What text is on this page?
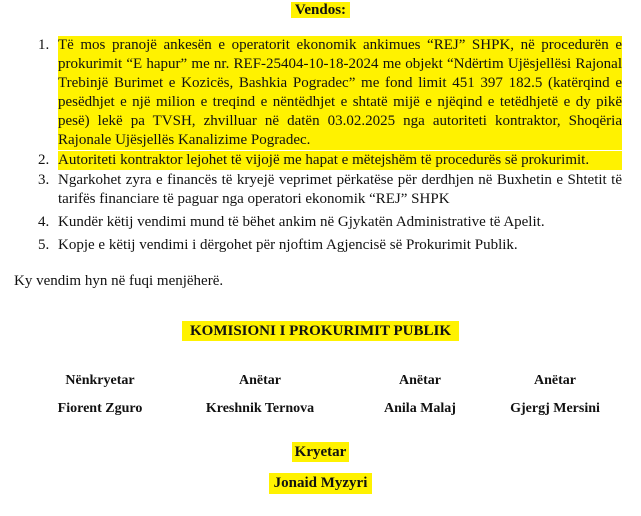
Vendos:
1. Të mos pranojë ankesën e operatorit ekonomik ankimues “REJ” SHPK, në procedurën e prokurimit “E hapur” me nr. REF-25404-10-18-2024 me objekt “Ndërtim Ujësjellësi Rajonal Trebinjë Burimet e Kozicës, Bashkia Pogradec” me fond limit 451 397 182.5 (katërqind e pesëdhjet e një milion e treqind e nëntëdhjet e shtatë mijë e njëqind e tetëdhjetë e dy pikë pesë) lekë pa TVSH, zhvilluar në datën 03.02.2025 nga autoriteti kontraktor, Shoqëria Rajonale Ujësjellës Kanalizime Pogradec.
2. Autoriteti kontraktor lejohet të vijojë me hapat e mëtejshëm të procedurës së prokurimit.
3. Ngarkohet zyra e financës të kryejë veprimet përkatëse për derdhjen në Buxhetin e Shtetit të tarifës financiare të paguar nga operatori ekonomik “REJ” SHPK
4. Kundër këtij vendimi mund të bëhet ankim në Gjykatën Administrative të Apelit.
5. Kopje e këtij vendimi i dërgohet për njoftim Agjencisë së Prokurimit Publik.
Ky vendim hyn në fuqi menjëherë.
KOMISIONI I PROKURIMIT PUBLIK
Nënkryetar
Fiorent Zguro
Anëtar
Kreshnik Ternova
Anëtar
Anila Malaj
Anëtar
Gjergj Mersini
Kryetar
Jonaid Myzyri
